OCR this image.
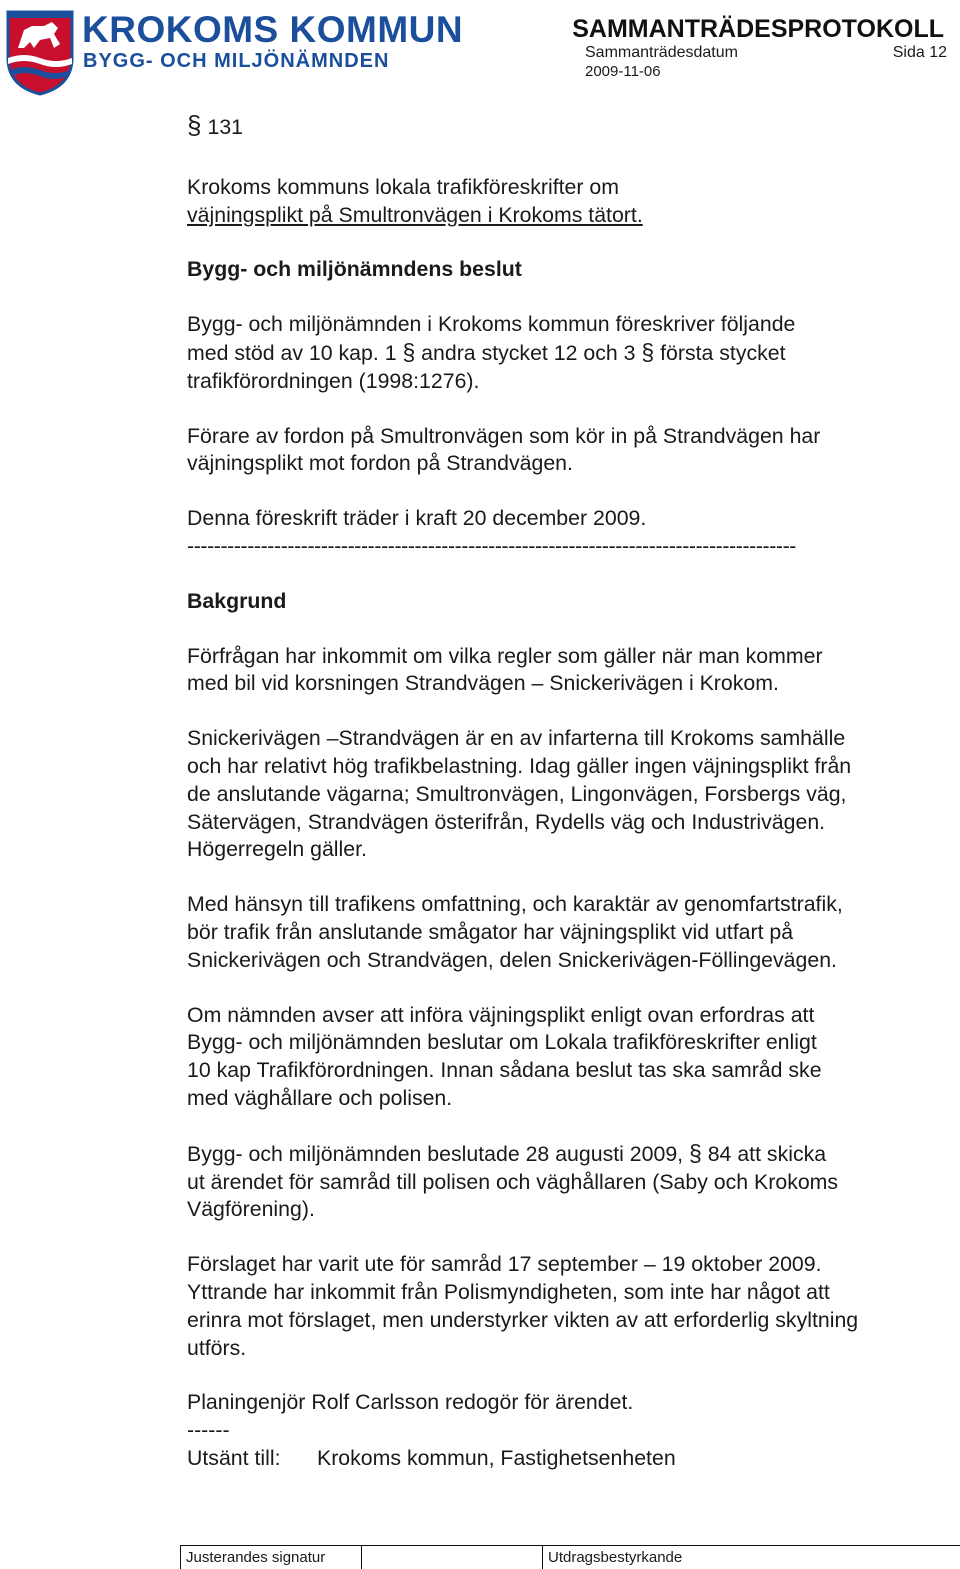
KROKOMS KOMMUN
BYGG- OCH MILJÖNÄMNDEN
SAMMANTRÄDESPROTOKOLL
Sammanträdesdatum	Sida 12
2009-11-06

§ 131

Krokoms kommuns lokala trafikföreskrifter om

väjningsplikt på Smultronvägen i Krokoms tätort.

Bygg- och miljönämndens beslut

Bygg- och miljönämnden i Krokoms kommun föreskriver följande

med stöd av 10 kap. 1 § andra stycket 12 och 3 § första stycket

trafikförordningen (1998:1276).

Förare av fordon på Smultronvägen som kör in på Strandvägen har

väjningsplikt mot fordon på Strandvägen.

Denna föreskrift träder i kraft 20 december 2009.

-------------------------------------------------------------------------------------------

Bakgrund

Förfrågan har inkommit om vilka regler som gäller när man kommer

med bil vid korsningen Strandvägen – Snickerivägen i Krokom.

Snickerivägen –Strandvägen är en av infarterna till Krokoms samhälle

och har relativt hög trafikbelastning. Idag gäller ingen väjningsplikt från

de anslutande vägarna; Smultronvägen, Lingonvägen, Forsbergs väg,

Sätervägen, Strandvägen österifrån, Rydells väg och Industrivägen.

Högerregeln gäller.

Med hänsyn till trafikens omfattning, och karaktär av genomfartstrafik,

bör trafik från anslutande smågator har väjningsplikt vid utfart på

Snickerivägen och Strandvägen, delen Snickerivägen-Föllingevägen.

Om nämnden avser att införa väjningsplikt enligt ovan erfordras att

Bygg- och miljönämnden beslutar om Lokala trafikföreskrifter enligt

10 kap Trafikförordningen. Innan sådana beslut tas ska samråd ske

med väghållare och polisen.

Bygg- och miljönämnden beslutade 28 augusti 2009, § 84 att skicka

ut ärendet för samråd till polisen och väghållaren (Saby och Krokoms

Vägförening).

Förslaget har varit ute för samråd 17 september – 19 oktober 2009.

Yttrande har inkommit från Polismyndigheten, som inte har något att

erinra mot förslaget, men understyrker vikten av att erforderlig skyltning

utförs.

Planingenjör Rolf Carlsson redogör för ärendet.

------

Utsänt till: Krokoms kommun, Fastighetsenheten

Justerandes signatur	Utdragsbestyrkande
